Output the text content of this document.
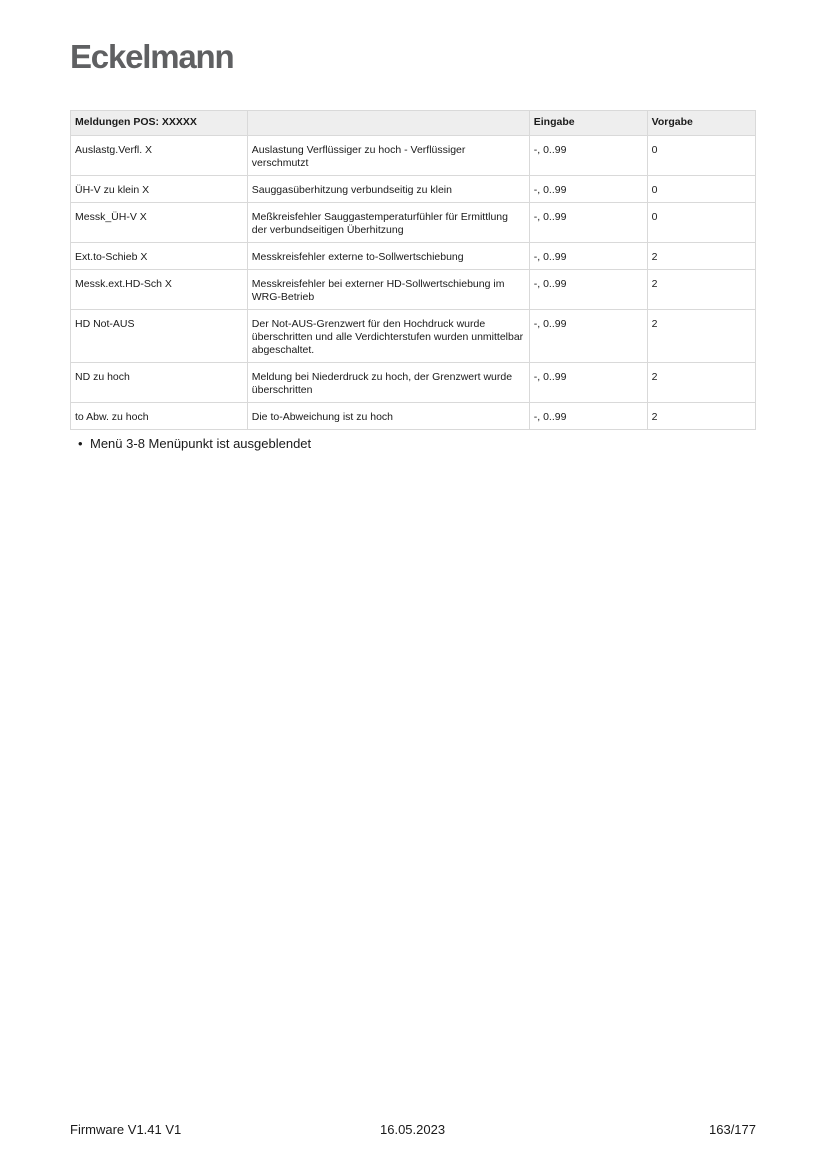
Eckelmann
Meldungen POS: XXXXX		Eingabe	Vorgabe
Auslastg.Verfl. X	Auslastung Verflüssiger zu hoch - Verflüssiger verschmutzt	-, 0..99	0
ÜH-V zu klein X	Sauggasüberhitzung verbundseitig zu klein	-, 0..99	0
Messk_ÜH-V X	Meßkreisfehler Sauggastemperaturfühler für Ermittlung der verbundseitigen Überhitzung	-, 0..99	0
Ext.to-Schieb X	Messkreisfehler externe to-Sollwertschiebung	-, 0..99	2
Messk.ext.HD-Sch X	Messkreisfehler bei externer HD-Sollwertschiebung im WRG-Betrieb	-, 0..99	2
HD Not-AUS	Der Not-AUS-Grenzwert für den Hochdruck wurde überschritten und alle Verdichterstufen wurden unmittelbar abgeschaltet.	-, 0..99	2
ND zu hoch	Meldung bei Niederdruck zu hoch, der Grenzwert wurde überschritten	-, 0..99	2
to Abw. zu hoch	Die to-Abweichung ist zu hoch	-, 0..99	2
• Menü 3-8 Menüpunkt ist ausgeblendet
Firmware V1.41 V1	16.05.2023	163/177
